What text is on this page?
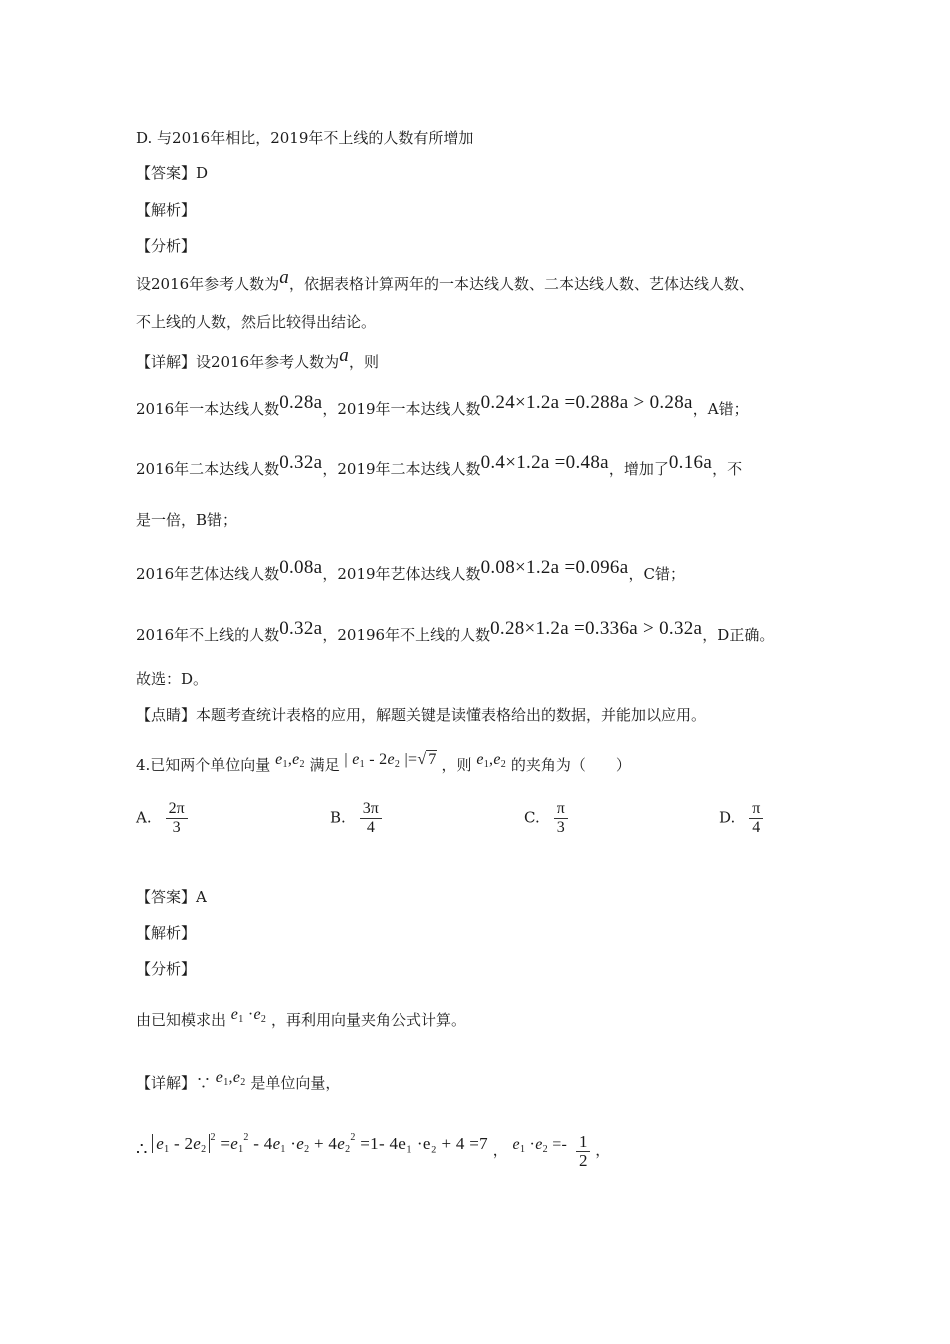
D. 与2016年相比，2019年不上线的人数有所增加
【答案】D
【解析】
【分析】
设2016年参考人数为a，依据表格计算两年的一本达线人数、二本达线人数、艺体达线人数、
不上线的人数，然后比较得出结论。
【详解】设2016年参考人数为a，则
2016年一本达线人数0.28a，2019年一本达线人数0.24×1.2a =0.288a > 0.28a，A错；
2016年二本达线人数0.32a，2019年二本达线人数0.4×1.2a =0.48a，增加了0.16a，不
是一倍，B错；
2016年艺体达线人数0.08a，2019年艺体达线人数0.08×1.2a =0.096a，C错；
2016年不上线的人数0.32a，20196年不上线的人数0.28×1.2a =0.336a > 0.32a，D正确。
故选：D。
【点睛】本题考查统计表格的应用，解题关键是读懂表格给出的数据，并能加以应用。
4.已知两个单位向量 $e_1,e_2$ 满足 | $e_1 - 2e_2$ |=√ 7 ，则 $e_1,e_2$ 的夹角为（　　）
A. $\frac{2\pi}{3}$	B. $\frac{3\pi}{4}$	C. $\frac{\pi}{3}$	D. $\frac{\pi}{4}$
【答案】A
【解析】
【分析】
由已知模求出 $e_1 \cdot e_2$ ，再利用向量夹角公式计算。
【详解】∵ $e_1,e_2$ 是单位向量，
∴ $e_1 - 2e_2^2 =e_1^2 - 4e_1 \cdot e_2 + 4e_2^2 =1-$ 4e₁ ·e₂ + 4 =7 ， $e_1 \cdot e_2 =- \frac{1}{2}$ ，
